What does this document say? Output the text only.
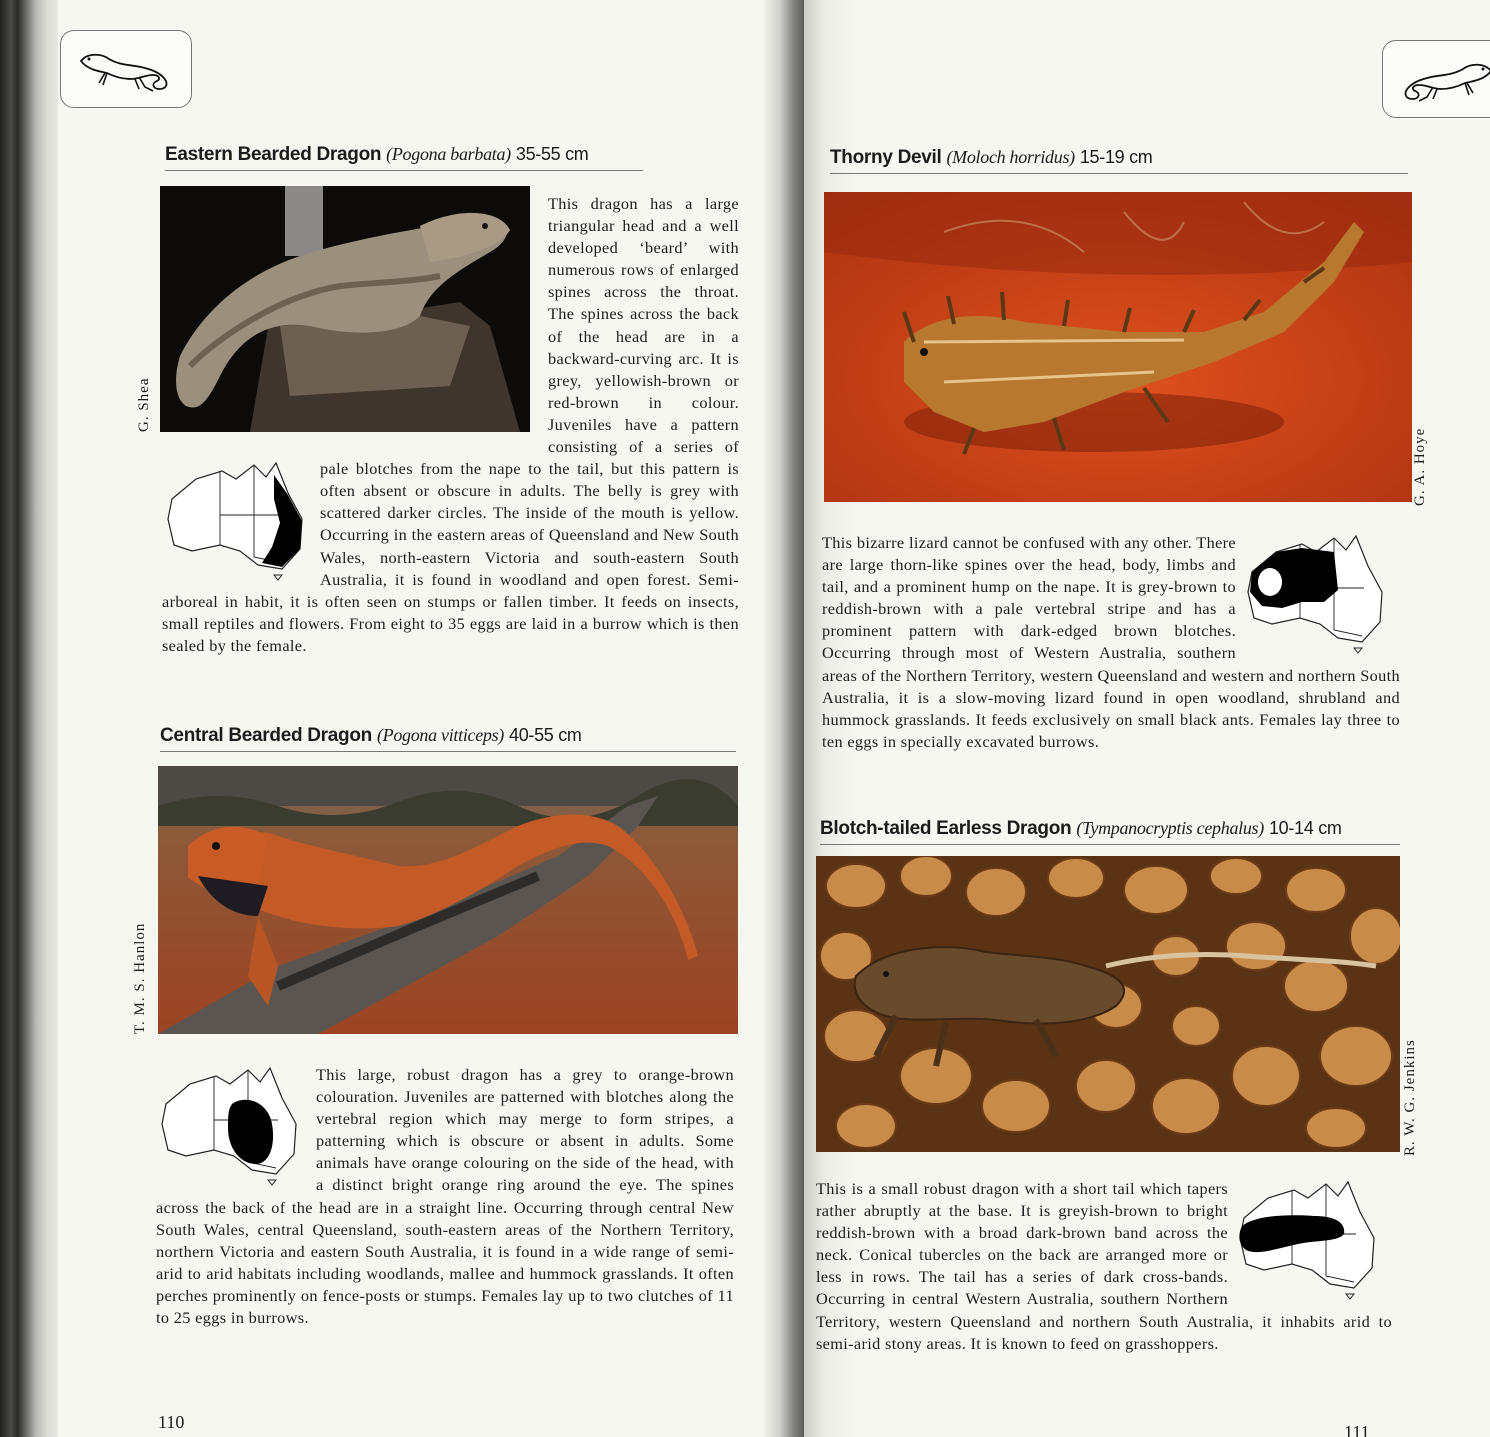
Eastern Bearded Dragon (Pogona barbata) 35-55 cm
G. Shea
This dragon has a large triangular head and a well developed ‘beard’ with numerous rows of enlarged spines across the throat. The spines across the back of the head are in a backward-curving arc. It is grey, yellowish-brown or red-brown in colour. Juveniles have a pattern consisting of a series of pale blotches from the nape to the tail, but this pattern is often absent or obscure in adults. The belly is grey with scattered darker circles. The inside of the mouth is yellow. Occurring in the eastern areas of Queensland and New South Wales, north-eastern Victoria and south-eastern South Australia, it is found in woodland and open forest. Semi-arboreal in habit, it is often seen on stumps or fallen timber. It feeds on insects, small reptiles and flowers. From eight to 35 eggs are laid in a burrow which is then sealed by the female.
Central Bearded Dragon (Pogona vitticeps) 40-55 cm
T. M. S. Hanlon
This large, robust dragon has a grey to orange-brown colouration. Juveniles are patterned with blotches along the vertebral region which may merge to form stripes, a patterning which is obscure or absent in adults. Some animals have orange colouring on the side of the head, with a distinct bright orange ring around the eye. The spines across the back of the head are in a straight line. Occurring through central New South Wales, central Queensland, south-eastern areas of the Northern Territory, northern Victoria and eastern South Australia, it is found in a wide range of semi-arid to arid habitats including woodlands, mallee and hummock grasslands. It often perches prominently on fence-posts or stumps. Females lay up to two clutches of 11 to 25 eggs in burrows.
110
Thorny Devil (Moloch horridus) 15-19 cm
G. A. Hoye
This bizarre lizard cannot be confused with any other. There are large thorn-like spines over the head, body, limbs and tail, and a prominent hump on the nape. It is grey-brown to reddish-brown with a pale vertebral stripe and has a prominent pattern with dark-edged brown blotches. Occurring through most of Western Australia, southern areas of the Northern Territory, western Queensland and western and northern South Australia, it is a slow-moving lizard found in open woodland, shrubland and hummock grasslands. It feeds exclusively on small black ants. Females lay three to ten eggs in specially excavated burrows.
Blotch-tailed Earless Dragon (Tympanocryptis cephalus) 10-14 cm
R. W. G. Jenkins
This is a small robust dragon with a short tail which tapers rather abruptly at the base. It is greyish-brown to bright reddish-brown with a broad dark-brown band across the neck. Conical tubercles on the back are arranged more or less in rows. The tail has a series of dark cross-bands. Occurring in central Western Australia, southern Northern Territory, western Queensland and northern South Australia, it inhabits arid to semi-arid stony areas. It is known to feed on grasshoppers.
111
